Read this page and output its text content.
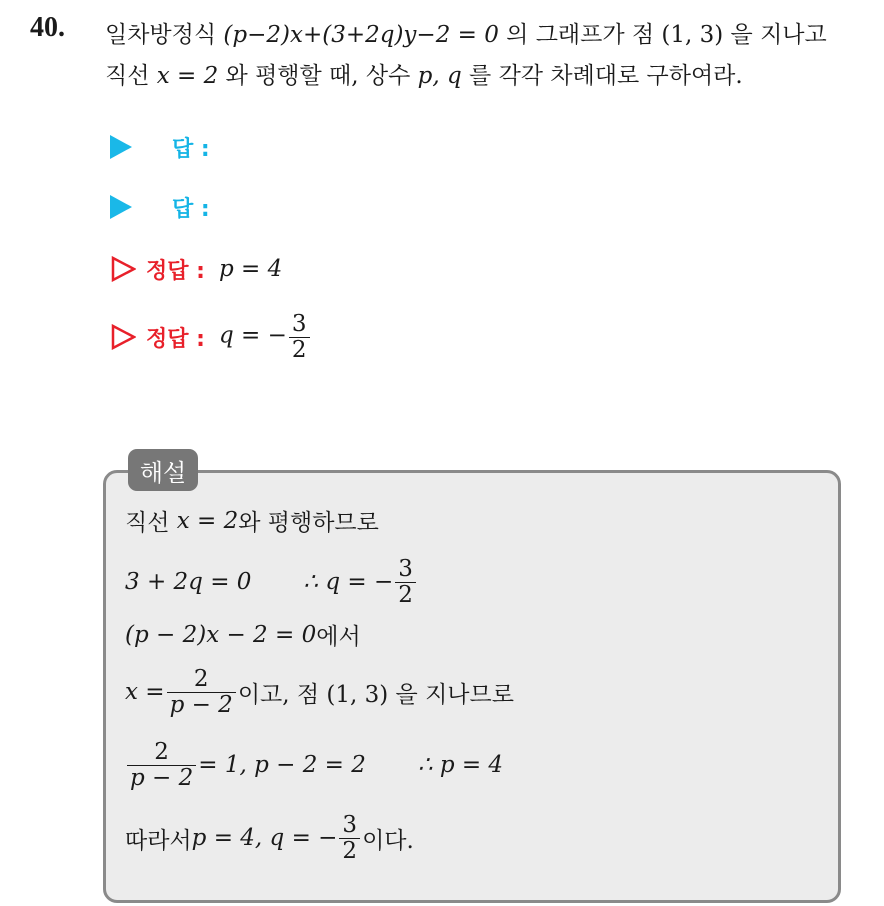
40. 일차방정식 (p−2)x+(3+2q)y−2 = 0 의 그래프가 점 (1, 3) 을 지나고
직선 x = 2 와 평행할 때, 상수 p, q 를 각각 차례대로 구하여라.
답 :
답 :
정답 : p = 4
정답 : q = − $\frac{3}{2}$
해설
직선
x = 2 와 평행하므로
3 + 2q = 0 ∴ q = − $\frac{3}{2}$
(p − 2)x − 2 = 0 에서
$x = \frac{2}{p - 2}$ 이고, 점 (1, 3) 을 지나므로
$\frac{2}{p - 2} = 1$, p − 2 = 2 ∴ p = 4
따라서 p = 4, q = − $\frac{3}{2}$ 이다.
